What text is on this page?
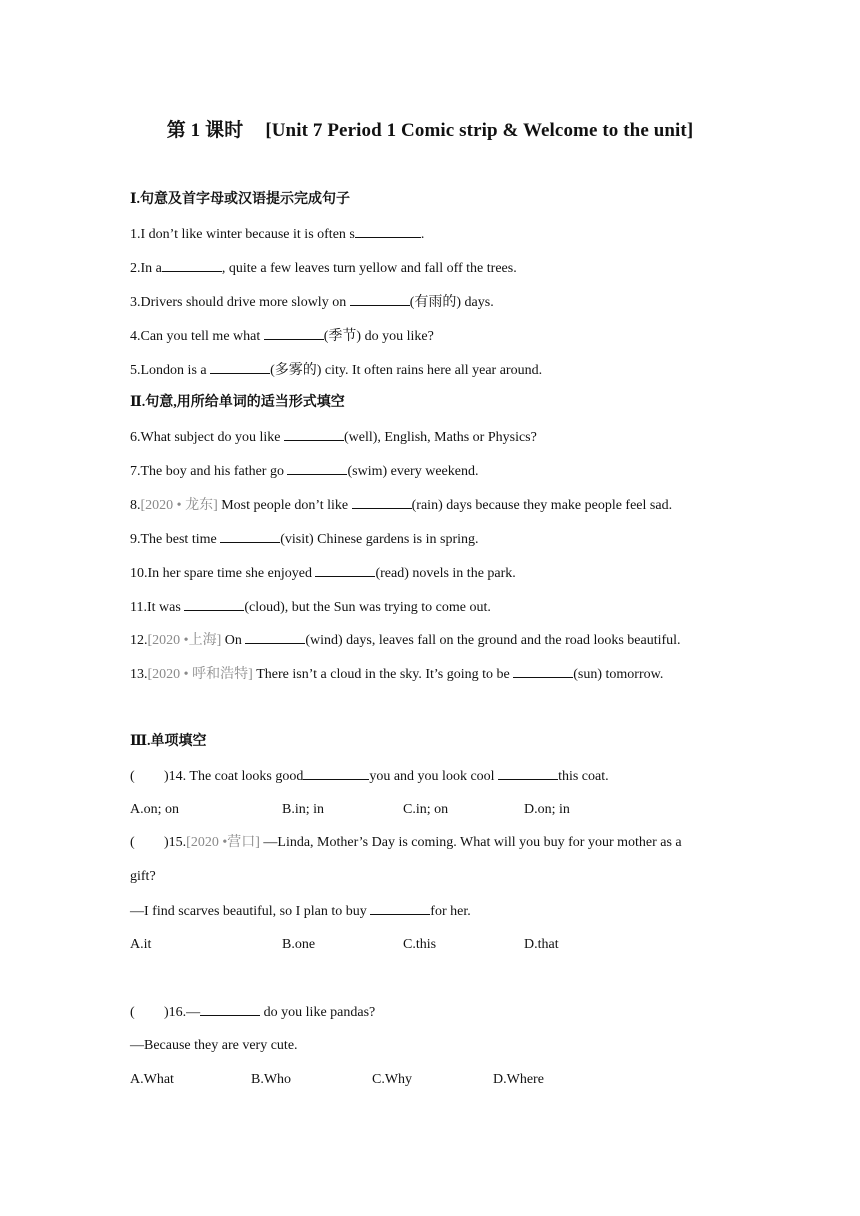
第 1 课时 [Unit 7 Period 1 Comic strip & Welcome to the unit]
Ⅰ.句意及首字母或汉语提示完成句子
1.I don’t like winter because it is often s	.
2.In a	, quite a few leaves turn yellow and fall off the trees.
3.Drivers should drive more slowly on	(有雨的) days.
4.Can you tell me what	(季节) do you like?
5.London is a	(多雾的) city. It often rains here all year around.
Ⅱ.句意,用所给单词的适当形式填空
6.What subject do you like	(well), English, Maths or Physics?
7.The boy and his father go	(swim) every weekend.
8.[2020 • 龙东] Most people don’t like	(rain) days because they make people feel sad.
9.The best time	(visit) Chinese gardens is in spring.
10.In her spare time she enjoyed	(read) novels in the park.
11.It was	(cloud), but the Sun was trying to come out.
12.[2020 •上海] On	(wind) days, leaves fall on the ground and the road looks beautiful.
13.[2020 • 呼和浩特] There isn’t a cloud in the sky. It’s going to be	(sun) tomorrow.
Ⅲ.单项填空
( )14. The coat looks good	you and you look cool	this coat.
A.on; on	B.in; in	C.in; on	D.on; in
( )15.[2020 •营口] —Linda, Mother’s Day is coming. What will you buy for your mother as a
gift?
—I find scarves beautiful, so I plan to buy	for her.
A.it	B.one	C.this	D.that
( )16.—	do you like pandas?
—Because they are very cute.
A.What	B.Who	C.Why	D.Where
